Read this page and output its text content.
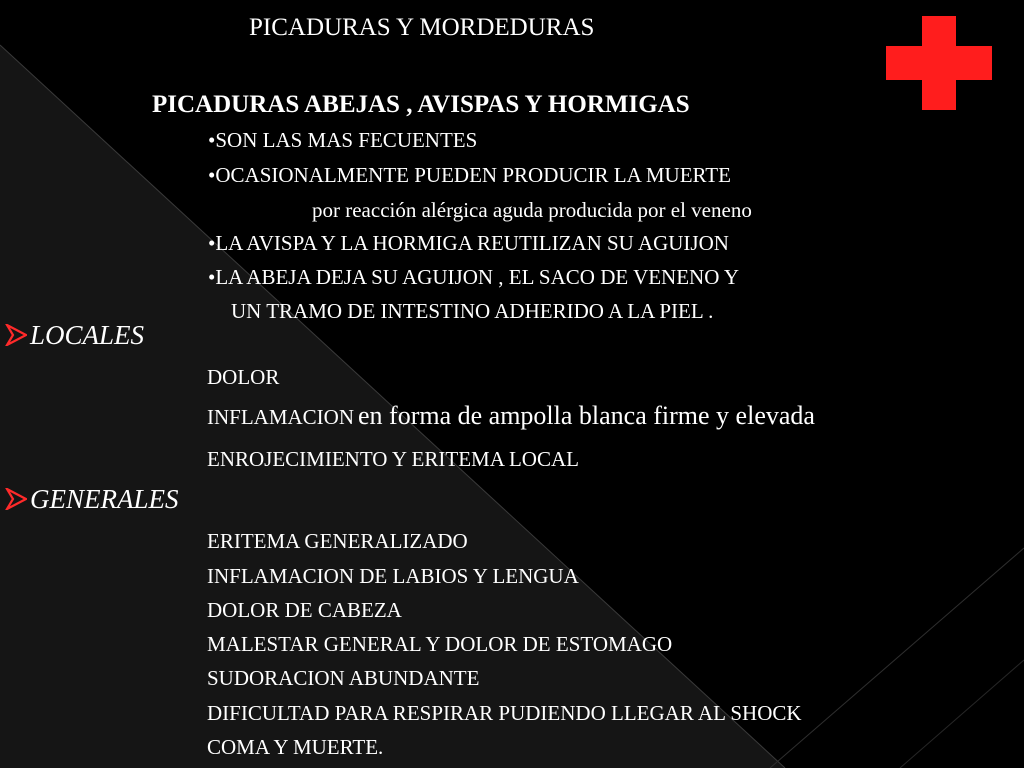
PICADURAS Y MORDEDURAS
PICADURAS ABEJAS , AVISPAS Y HORMIGAS
•SON LAS MAS FECUENTES
•OCASIONALMENTE PUEDEN PRODUCIR LA MUERTE
por reacción alérgica aguda producida por el veneno
•LA AVISPA Y LA HORMIGA REUTILIZAN SU AGUIJON
•LA ABEJA DEJA SU AGUIJON , EL SACO DE VENENO Y
UN TRAMO DE INTESTINO ADHERIDO A LA PIEL .
LOCALES
DOLOR
INFLAMACION en forma de ampolla blanca firme y elevada
ENROJECIMIENTO Y ERITEMA LOCAL
GENERALES
ERITEMA GENERALIZADO
INFLAMACION DE LABIOS Y LENGUA
DOLOR DE CABEZA
MALESTAR GENERAL Y DOLOR DE ESTOMAGO
SUDORACION ABUNDANTE
DIFICULTAD PARA RESPIRAR PUDIENDO LLEGAR AL SHOCK
COMA Y MUERTE.
